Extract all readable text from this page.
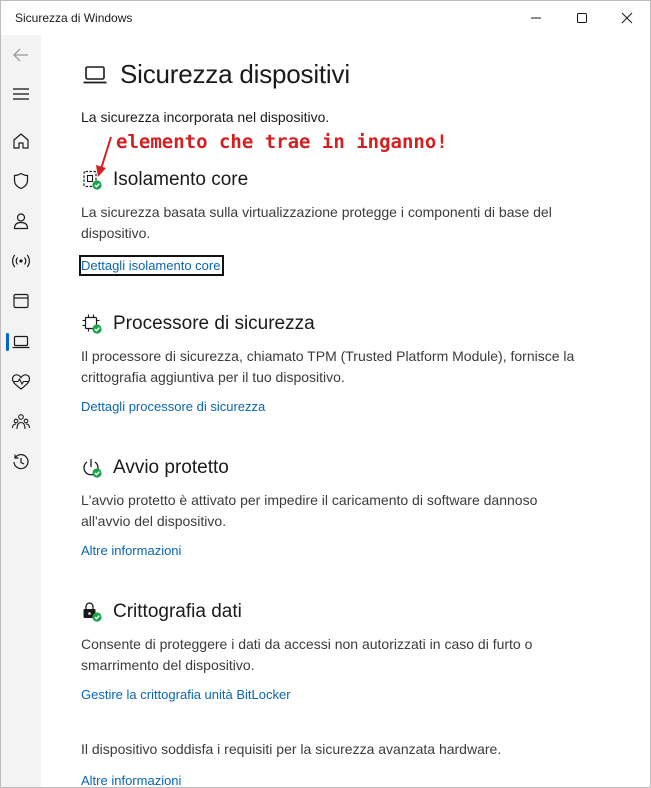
Sicurezza di Windows
Sicurezza dispositivi
La sicurezza incorporata nel dispositivo.
elemento che trae in inganno!
Isolamento core
La sicurezza basata sulla virtualizzazione protegge i componenti di base del dispositivo.
Dettagli isolamento core
Processore di sicurezza
Il processore di sicurezza, chiamato TPM (Trusted Platform Module), fornisce la crittografia aggiuntiva per il tuo dispositivo.
Dettagli processore di sicurezza
Avvio protetto
L'avvio protetto è attivato per impedire il caricamento di software dannoso all'avvio del dispositivo.
Altre informazioni
Crittografia dati
Consente di proteggere i dati da accessi non autorizzati in caso di furto o smarrimento del dispositivo.
Gestire la crittografia unità BitLocker
Il dispositivo soddisfa i requisiti per la sicurezza avanzata hardware.
Altre informazioni
